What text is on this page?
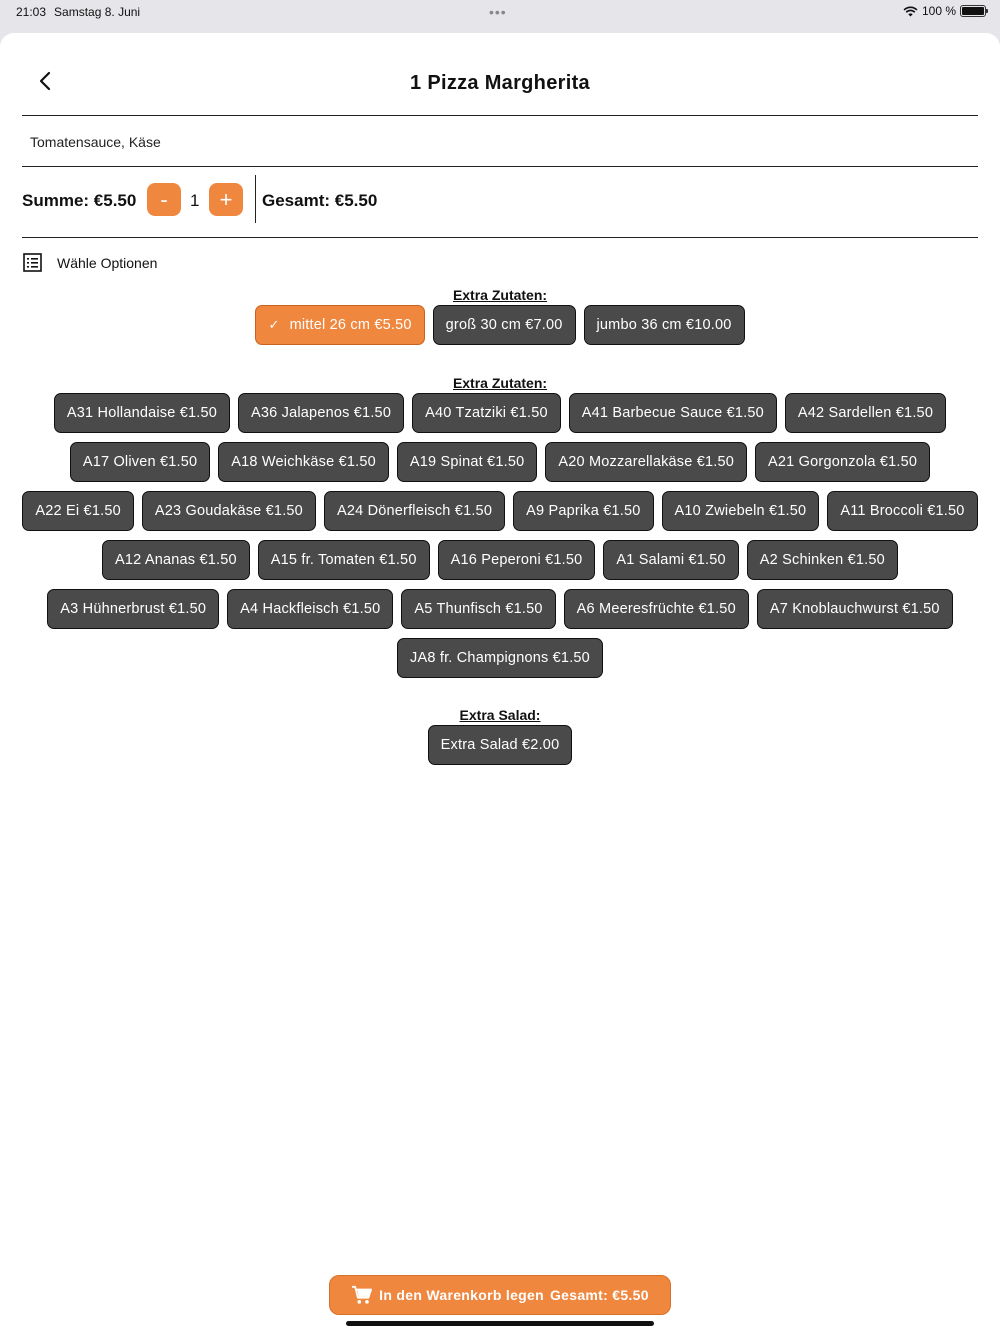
21:03 Samstag 8. Juni	•••	100 %
1 Pizza Margherita
Tomatensauce, Käse
Summe: €5.50	-	1 +	Gesamt: €5.50
Wähle Optionen
Extra Zutaten:
✓ mittel 26 cm €5.50	groß 30 cm €7.00	jumbo 36 cm €10.00
Extra Zutaten:
A31 Hollandaise €1.50	A36 Jalapenos €1.50	A40 Tzatziki €1.50	A41 Barbecue Sauce €1.50	A42 Sardellen €1.50
A17 Oliven €1.50	A18 Weichkäse €1.50	A19 Spinat €1.50	A20 Mozzarellakäse €1.50	A21 Gorgonzola €1.50
A22 Ei €1.50	A23 Goudakäse €1.50	A24 Dönerfleisch €1.50	A9 Paprika €1.50	A10 Zwiebeln €1.50	A11 Broccoli €1.50
A12 Ananas €1.50	A15 fr. Tomaten €1.50	A16 Peperoni €1.50	A1 Salami €1.50	A2 Schinken €1.50
A3 Hühnerbrust €1.50	A4 Hackfleisch €1.50	A5 Thunfisch €1.50	A6 Meeresfrüchte €1.50	A7 Knoblauchwurst €1.50
JA8 fr. Champignons €1.50
Extra Salad:
Extra Salad €2.00
In den Warenkorb legen Gesamt: €5.50
